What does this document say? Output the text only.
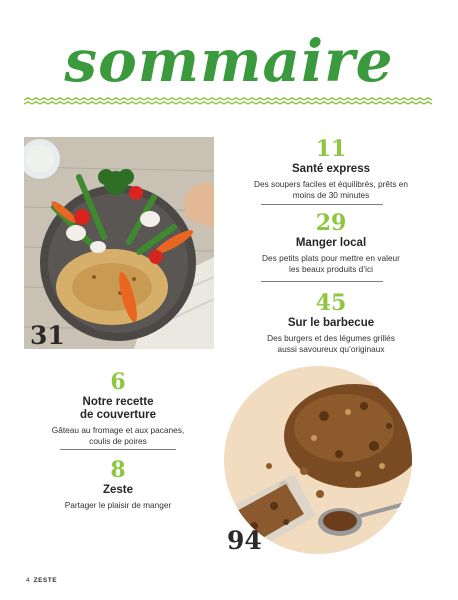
sommaire
31
11
Santé express
Des soupers faciles et équilibrés, prêts en
moins de 30 minutes
29
Manger local
Des petits plats pour mettre en valeur
les beaux produits d’ici
45
Sur le barbecue
Des burgers et des légumes grillés
aussi savoureux qu’originaux
6
Notre recette
de couverture
Gâteau au fromage et aux pacanes,
coulis de poires
8
Zeste
Partager le plaisir de manger
94
4 ZESTE
